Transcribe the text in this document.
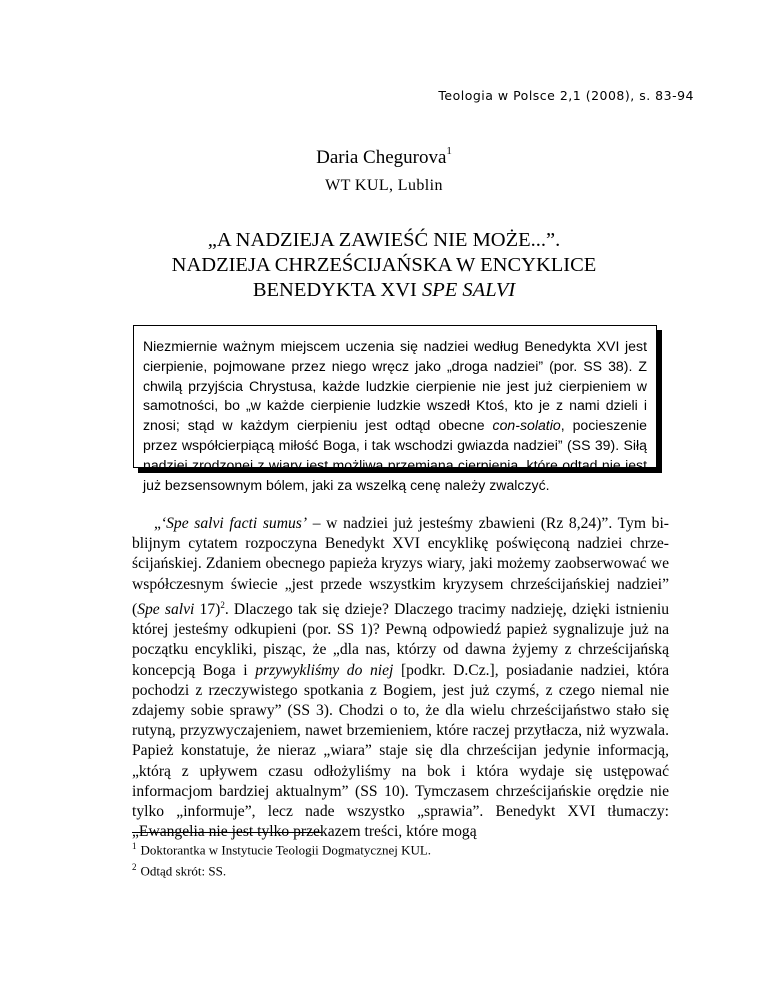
Teologia w Polsce 2,1 (2008), s. 83-94
Daria Chegurova$^1$
WT KUL, Lublin
„A NADZIEJA ZAWIEŚĆ NIE MOŻE...”.
NADZIEJA CHRZEŚCIJAŃSKA W ENCYKLICE
BENEDYKTA XVI SPE SALVI
Niezmiernie ważnym miejscem uczenia się nadziei według Benedykta XVI jest cierpienie, pojmowane przez niego wręcz jako „droga nadziei” (por. SS 38). Z chwilą przyjścia Chrystusa, każde ludzkie cierpienie nie jest już cierpieniem w samotności, bo „w każde cierpienie ludzkie wszedł Ktoś, kto je z nami dzieli i znosi; stąd w każdym cierpieniu jest odtąd obecne con-solatio, pocieszenie przez współcierpiącą miłość Boga, i tak wschodzi gwiazda nadziei” (SS 39). Siłą nadziei zrodzonej z wiary jest możliwa przemiana cierpienia, które odtąd nie jest już bezsensownym bólem, jaki za wszelką cenę należy zwalczyć.

„‘Spe salvi facti sumus’ – w nadziei już jesteśmy zbawieni (Rz 8,24)”. Tym biblijnym cytatem rozpoczyna Benedykt XVI encyklikę poświęconą nadziei chrześcijańskiej. Zdaniem obecnego papieża kryzys wiary, jaki możemy zaobserwować we współczesnym świecie „jest przede wszystkim kryzysem chrześcijańskiej nadziei” (Spe salvi 17)$^2$. Dlaczego tak się dzieje? Dlaczego tracimy nadzieję, dzięki istnieniu której jesteśmy odkupieni (por. SS 1)? Pewną odpowiedź papież sygnalizuje już na początku encykliki, pisząc, że „dla nas, którzy od dawna żyjemy z chrześcijańską koncepcją Boga i przywykliśmy do niej [podkr. D.Cz.], posiadanie nadziei, która pochodzi z rzeczywistego spotkania z Bogiem, jest już czymś, z czego niemal nie zdajemy sobie sprawy” (SS 3). Chodzi o to, że dla wielu chrześcijaństwo stało się rutyną, przyzwyczajeniem, nawet brzemieniem, które raczej przytłacza, niż wyzwala. Papież konstatuje, że nieraz „wiara” staje się dla chrześcijan jedynie informacją, „którą z upływem czasu odłożyliśmy na bok i która wydaje się ustępować informacjom bardziej aktualnym” (SS 10). Tymczasem chrześcijańskie orędzie nie tylko „informuje”, lecz nade wszystko „sprawia”. Benedykt XVI tłumaczy: „Ewangelia nie jest tylko przekazem treści, które mogą

$^1$ Doktorantka w Instytucie Teologii Dogmatycznej KUL.
$^2$ Odtąd skrót: SS.
